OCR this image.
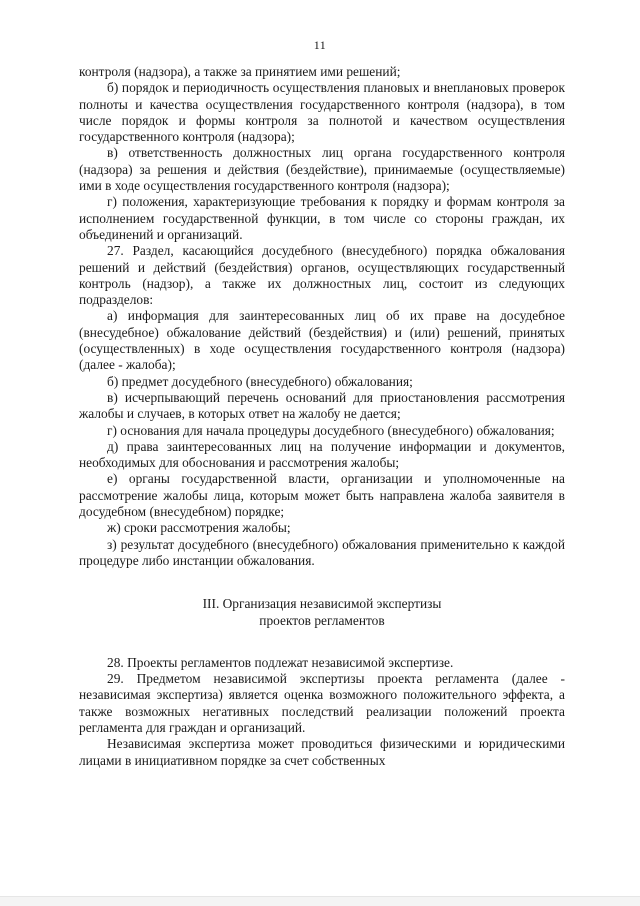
11

контроля (надзора), а также за принятием ими решений;

б) порядок и периодичность осуществления плановых и внеплановых проверок полноты и качества осуществления государственного контроля (надзора), в том числе порядок и формы контроля за полнотой и качеством осуществления государственного контроля (надзора);

в) ответственность должностных лиц органа государственного контроля (надзора) за решения и действия (бездействие), принимаемые (осуществляемые) ими в ходе осуществления государственного контроля (надзора);

г) положения, характеризующие требования к порядку и формам контроля за исполнением государственной функции, в том числе со стороны граждан, их объединений и организаций.

27. Раздел, касающийся досудебного (внесудебного) порядка обжалования решений и действий (бездействия) органов, осуществляющих государственный контроль (надзор), а также их должностных лиц, состоит из следующих подразделов:

а) информация для заинтересованных лиц об их праве на досудебное (внесудебное) обжалование действий (бездействия) и (или) решений, принятых (осуществленных) в ходе осуществления государственного контроля (надзора) (далее - жалоба);

б) предмет досудебного (внесудебного) обжалования;

в) исчерпывающий перечень оснований для приостановления рассмотрения жалобы и случаев, в которых ответ на жалобу не дается;

г) основания для начала процедуры досудебного (внесудебного) обжалования;

д) права заинтересованных лиц на получение информации и документов, необходимых для обоснования и рассмотрения жалобы;

е) органы государственной власти, организации и уполномоченные на рассмотрение жалобы лица, которым может быть направлена жалоба заявителя в досудебном (внесудебном) порядке;

ж) сроки рассмотрения жалобы;

з) результат досудебного (внесудебного) обжалования применительно к каждой процедуре либо инстанции обжалования.

III. Организация независимой экспертизы

проектов регламентов

28. Проекты регламентов подлежат независимой экспертизе.

29. Предметом независимой экспертизы проекта регламента (далее - независимая экспертиза) является оценка возможного положительного эффекта, а также возможных негативных последствий реализации положений проекта регламента для граждан и организаций.

Независимая экспертиза может проводиться физическими и юридическими лицами в инициативном порядке за счет собственных
